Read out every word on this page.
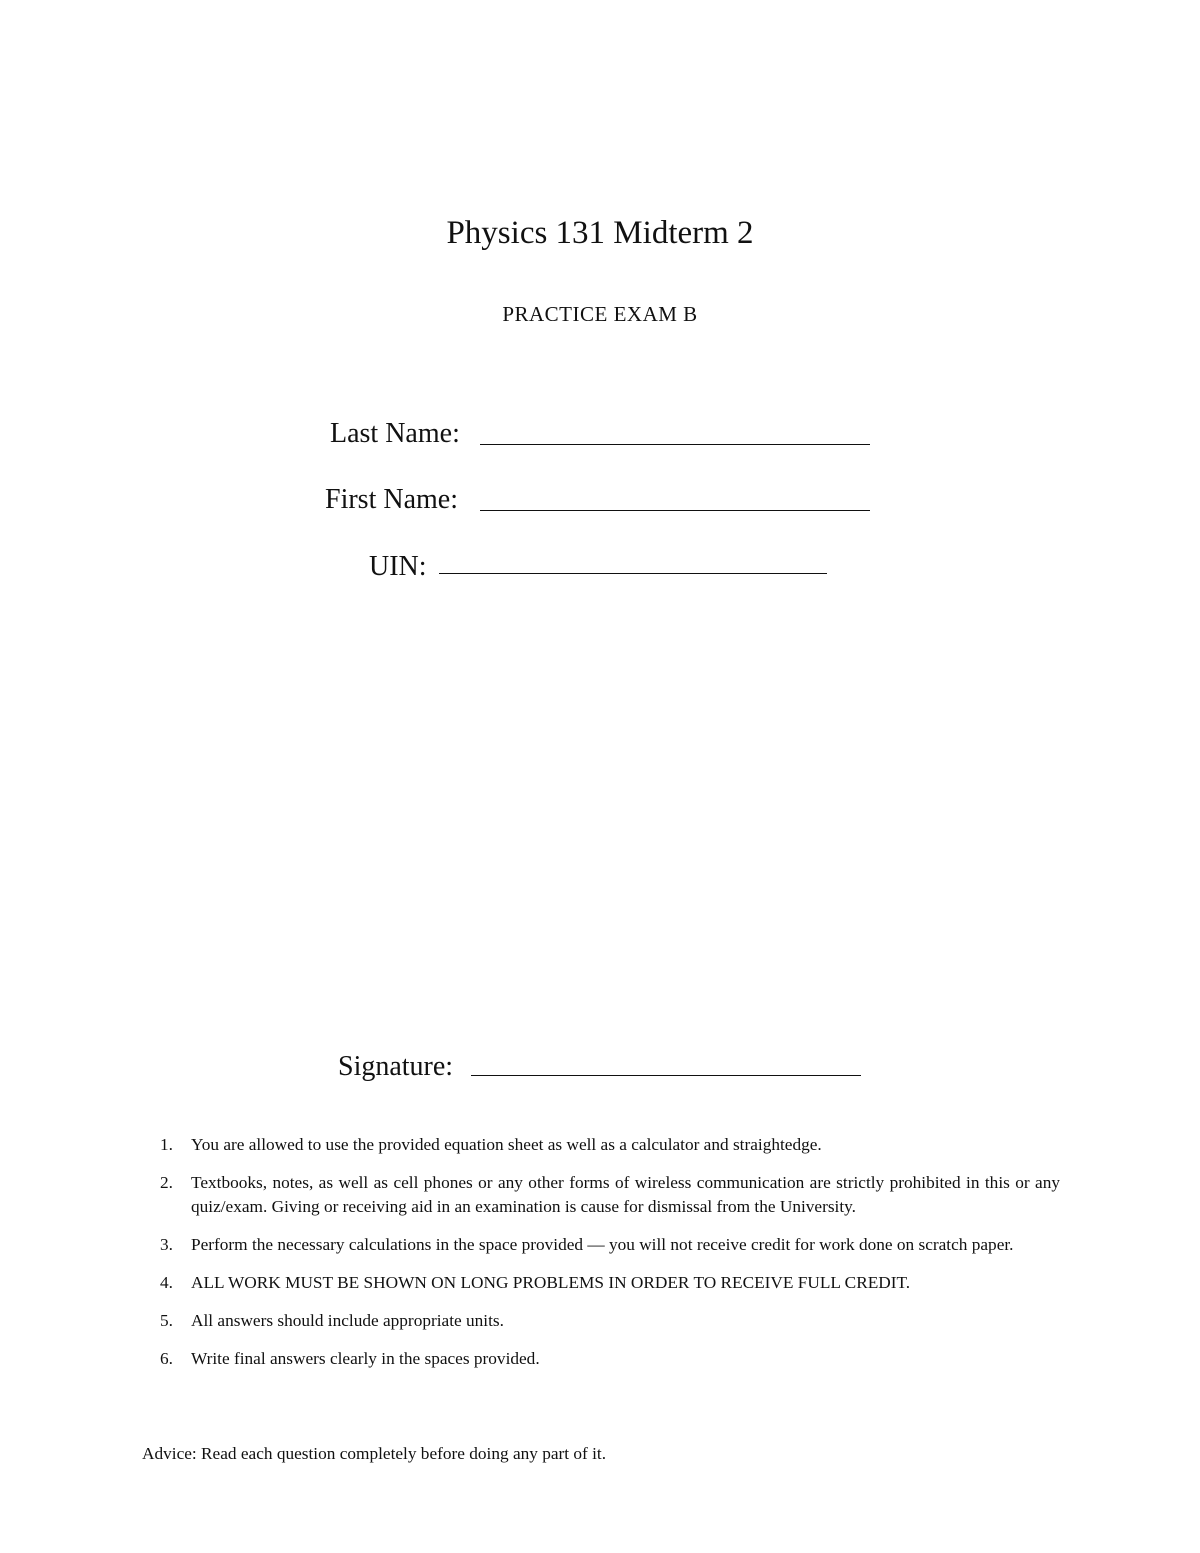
Physics 131 Midterm 2
PRACTICE EXAM B
Last Name:
First Name:
UIN:
Signature:
1. You are allowed to use the provided equation sheet as well as a calculator and straightedge.
2. Textbooks, notes, as well as cell phones or any other forms of wireless communication are strictly prohibited in this or any quiz/exam. Giving or receiving aid in an examination is cause for dismissal from the University.
3. Perform the necessary calculations in the space provided — you will not receive credit for work done on scratch paper.
4. ALL WORK MUST BE SHOWN ON LONG PROBLEMS IN ORDER TO RECEIVE FULL CREDIT.
5. All answers should include appropriate units.
6. Write final answers clearly in the spaces provided.
Advice: Read each question completely before doing any part of it.
